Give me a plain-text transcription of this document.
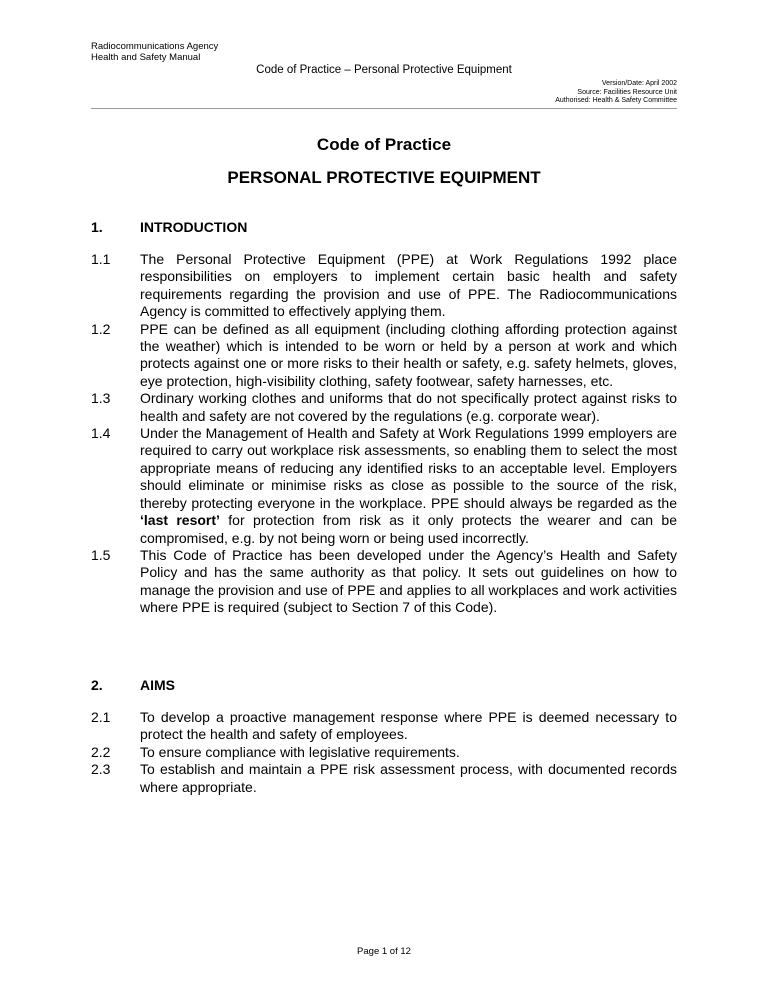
Radiocommunications Agency
Health and Safety Manual
Code of Practice – Personal Protective Equipment
Version/Date: April 2002
Source: Facilities Resource Unit
Authorised: Health & Safety Committee
Code of Practice
PERSONAL PROTECTIVE EQUIPMENT
1.	INTRODUCTION
1.1 The Personal Protective Equipment (PPE) at Work Regulations 1992 place responsibilities on employers to implement certain basic health and safety requirements regarding the provision and use of PPE. The Radiocommunications Agency is committed to effectively applying them.
1.2 PPE can be defined as all equipment (including clothing affording protection against the weather) which is intended to be worn or held by a person at work and which protects against one or more risks to their health or safety, e.g. safety helmets, gloves, eye protection, high-visibility clothing, safety footwear, safety harnesses, etc.
1.3 Ordinary working clothes and uniforms that do not specifically protect against risks to health and safety are not covered by the regulations (e.g. corporate wear).
1.4 Under the Management of Health and Safety at Work Regulations 1999 employers are required to carry out workplace risk assessments, so enabling them to select the most appropriate means of reducing any identified risks to an acceptable level. Employers should eliminate or minimise risks as close as possible to the source of the risk, thereby protecting everyone in the workplace. PPE should always be regarded as the ‘last resort’ for protection from risk as it only protects the wearer and can be compromised, e.g. by not being worn or being used incorrectly.
1.5 This Code of Practice has been developed under the Agency’s Health and Safety Policy and has the same authority as that policy. It sets out guidelines on how to manage the provision and use of PPE and applies to all workplaces and work activities where PPE is required (subject to Section 7 of this Code).
2.	AIMS
2.1 To develop a proactive management response where PPE is deemed necessary to protect the health and safety of employees.
2.2 To ensure compliance with legislative requirements.
2.3 To establish and maintain a PPE risk assessment process, with documented records where appropriate.
Page 1 of 12
